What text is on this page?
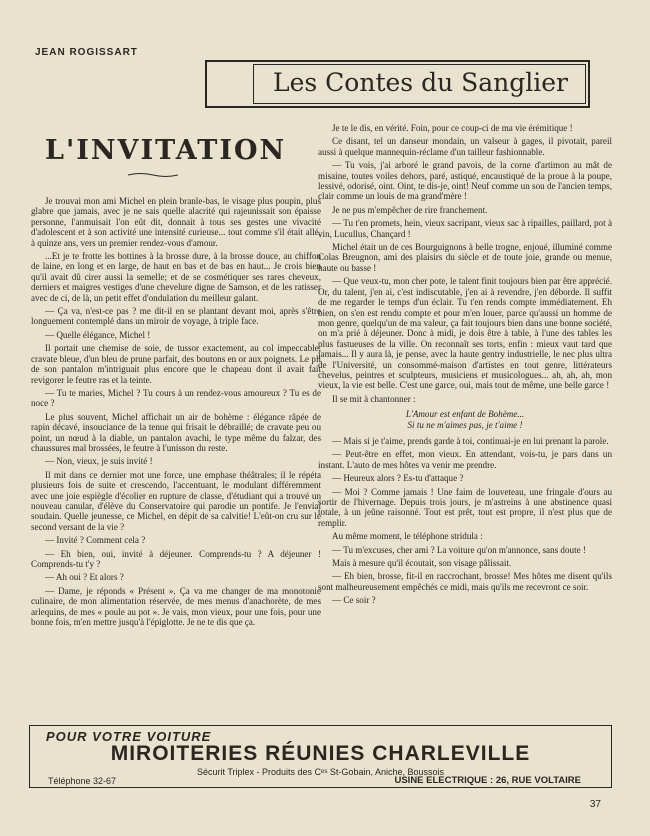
JEAN ROGISSART
Les Contes du Sanglier
L'INVITATION

Je trouvai mon ami Michel en plein branle-bas, le visage plus poupin, plus glabre que jamais, avec je ne sais quelle alacrité qui rajeunissait son épaisse personne, l'anmuisait l'on eût dit, donnait à tous ses gestes une vivacité d'adolescent et à son activité une intensité curieuse... tout comme s'il était allé, à quinze ans, vers un premier rendez-vous d'amour.

...Et je te frotte les bottines à la brosse dure, à la brosse douce, au chiffon de laine, en long et en large, de haut en bas et de bas en haut... Je crois bien qu'il avait dû cirer aussi la semelle; et de se cosmétiquer ses rares cheveux, derniers et maigres vestiges d'une chevelure digne de Samson, et de les ratisser avec de ci, de là, un petit effet d'ondulation du meilleur galant.

— Ça va, n'est-ce pas ? me dit-il en se plantant devant moi, après s'être longuement contemplé dans un miroir de voyage, à triple face.

— Quelle élégance, Michel !

Il portait une chemise de soie, de tussor exactement, au col impeccable, cravate bleue, d'un bleu de prune parfait, des boutons en or aux poignets. Le pli de son pantalon m'intriguait plus encore que le chapeau dont il avait fait revigorer le feutre ras et la teinte.

— Tu te maries, Michel ? Tu cours à un rendez-vous amoureux ? Tu es de noce ?

Le plus souvent, Michel affichait un air de bohème : élégance râpée de rapin décavé, insouciance de la tenue qui frisait le débraillé; de cravate peu ou point, un nœud à la diable, un pantalon avachi, le type même du falzar, des chaussures mal brossées, le feutre à l'unisson du reste.

— Non, vieux, je suis invité !

Il mit dans ce dernier mot une force, une emphase théâtrales; il le répéta plusieurs fois de suite et crescendo, l'accentuant, le modulant différemment avec une joie espiègle d'écolier en rupture de classe, d'étudiant qui a trouvé un nouveau canular, d'élève du Conservatoire qui parodie un pontife. Je l'enviai soudain. Quelle jeunesse, ce Michel, en dépit de sa calvitie! L'eût-on cru sur le second versant de la vie ?

— Invité ? Comment cela ?

— Eh bien, oui, invité à déjeuner. Comprends-tu ? A déjeuner ! Comprends-tu t'y ?

— Ah oui ? Et alors ?

— Dame, je réponds « Présent ». Ça va me changer de ma monotonie culinaire, de mon alimentation réservée, de mes menus d'anachorète, de mes arlequins, de mes « poule au pot ». Je vais, mon vieux, pour une fois, pour une bonne fois, m'en mettre jusqu'à l'épiglotte. Je ne te dis que ça.

Je te le dis, en vérité. Foin, pour ce coup-ci de ma vie érémitique !

Ce disant, tel un danseur mondain, un valseur à gages, il pivotait, pareil aussi à quelque mannequin-réclame d'un tailleur fashionnable.

— Tu vois, j'ai arboré le grand pavois, de la corne d'artimon au mât de misaine, toutes voiles dehors, paré, astiqué, encaustiqué de la proue à la poupe, lessivé, odorisé, oint. Oint, te dis-je, oint! Neuf comme un sou de l'ancien temps, clair comme un louis de ma grand'mère !

Je ne pus m'empêcher de rire franchement.

— Tu t'en promets, hein, vieux sacripant, vieux sac à ripailles, paillard, pot à vin, Lucullus, Chançard !

Michel était un de ces Bourguignons à belle trogne, enjoué, illuminé comme Colas Breugnon, ami des plaisirs du siècle et de toute joie, grande ou menue, haute ou basse !

— Que veux-tu, mon cher pote, le talent finit toujours bien par être apprécié. Or, du talent, j'en ai, c'est indiscutable, j'en ai à revendre, j'en déborde. Il suffit de me regarder le temps d'un éclair. Tu t'en rends compte immédiatement. Eh bien, on s'en est rendu compte et pour m'en louer, parce qu'aussi un homme de mon genre, quelqu'un de ma valeur, ça fait toujours bien dans une bonne société, on m'a prié à déjeuner. Donc à midi, je dois être à table, à l'une des tables les plus fastueuses de la ville. On reconnaît ses torts, enfin : mieux vaut tard que jamais... Il y aura là, je pense, avec la haute gentry industrielle, le nec plus ultra de l'Université, un consommé-maison d'artistes en tout genre, littérateurs chevelus, peintres et sculpteurs, musiciens et musicologues... ah, ah, ah, mon vieux, la vie est belle. C'est une garce, oui, mais tout de même, une belle garce !

Il se mit à chantonner :

L'Amour est enfant de Bohème...
Si tu ne m'aimes pas, je t'aime !

— Mais si je t'aime, prends garde à toi, continuai-je en lui prenant la parole.

— Peut-être en effet, mon vieux. En attendant, vois-tu, je pars dans un instant. L'auto de mes hôtes va venir me prendre.

— Heureux alors ? Es-tu d'attaque ?

— Moi ? Comme jamais ! Une faim de louveteau, une fringale d'ours au sortir de l'hivernage. Depuis trois jours, je m'astreins à une abstinence quasi totale, à un jeûne raisonné. Tout est prêt, tout est propre, il n'est plus que de remplir.

Au même moment, le téléphone stridula :

— Tu m'excuses, cher ami ? La voiture qu'on m'annonce, sans doute !

Mais à mesure qu'il écoutait, son visage pâlissait.

— Eh bien, brosse, fit-il en raccrochant, brosse! Mes hôtes me disent qu'ils sont malheureusement empêchés ce midi, mais qu'ils me recevront ce soir.

— Ce soir ?

POUR VOTRE VOITURE
MIROITERIES RÉUNIES CHARLEVILLE
Sécurit Triplex - Produits des Cᵉˢ St-Gobain, Aniche, Boussois
Téléphone 32-67	USINE ELECTRIQUE : 26, RUE VOLTAIRE
37
